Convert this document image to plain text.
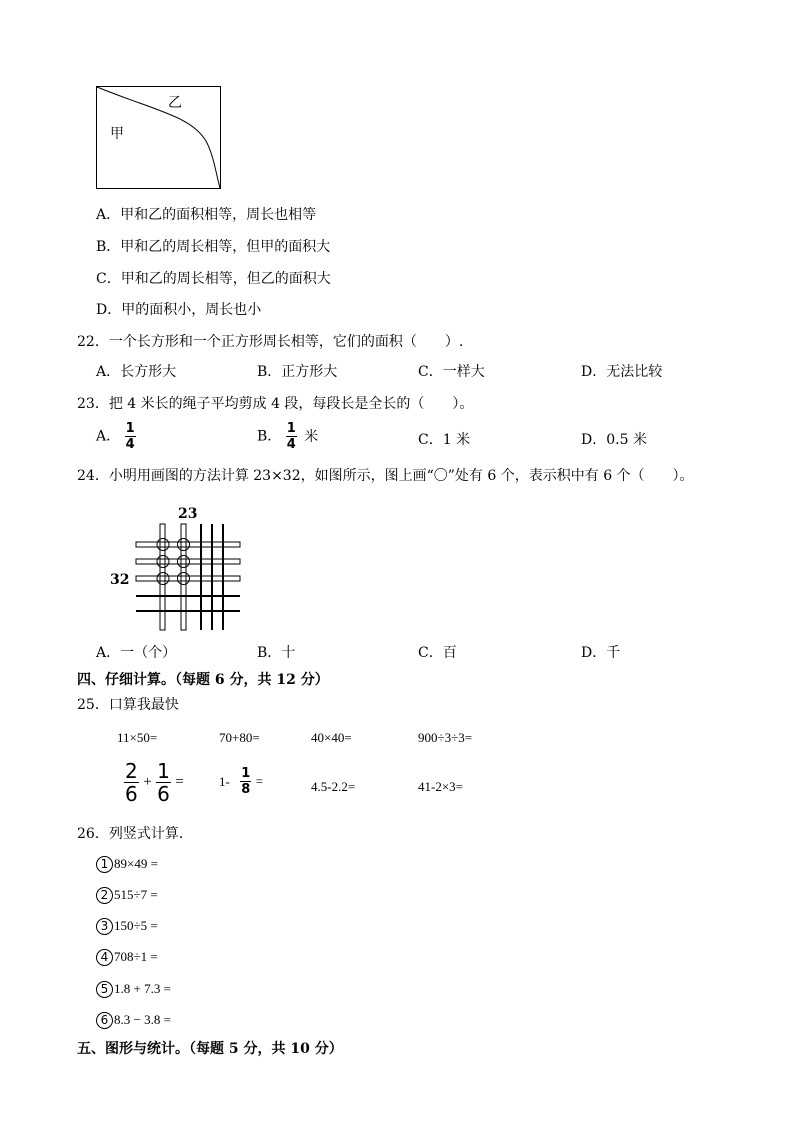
甲
乙
A．甲和乙的面积相等，周长也相等
B．甲和乙的周长相等，但甲的面积大
C．甲和乙的周长相等，但乙的面积大
D．甲的面积小，周长也小
22．一个长方形和一个正方形周长相等，它们的面积（　　）.
A．长方形大	B．正方形大	C．一样大	D．无法比较
23．把 4 米长的绳子平均剪成 4 段，每段长是全长的（　　）。
A． $\frac{1}{4}$	B． $\frac{1}{4}$ 米	C．1 米	D．0.5 米
24．小明用画图的方法计算 23×32，如图所示，图上画“〇”处有 6 个，表示积中有 6 个（　　）。
23
32
A．一（个）	B．十	C．百	D．千
四、仔细计算。（每题 6 分，共 12 分）
25．口算我最快
11×50=	70+80=	40×40=	900÷3÷3=
$\frac{2}{6} + \frac{1}{6}$ =	$1- \frac{1}{8}$ =	4.5-2.2=	41-2×3=
26．列竖式计算．
1 89×49 =
2 515÷7 =
3 150÷5 =
4 708÷1 =
5 1.8 + 7.3 =
6 8.3 − 3.8 =
五、图形与统计。（每题 5 分，共 10 分）
